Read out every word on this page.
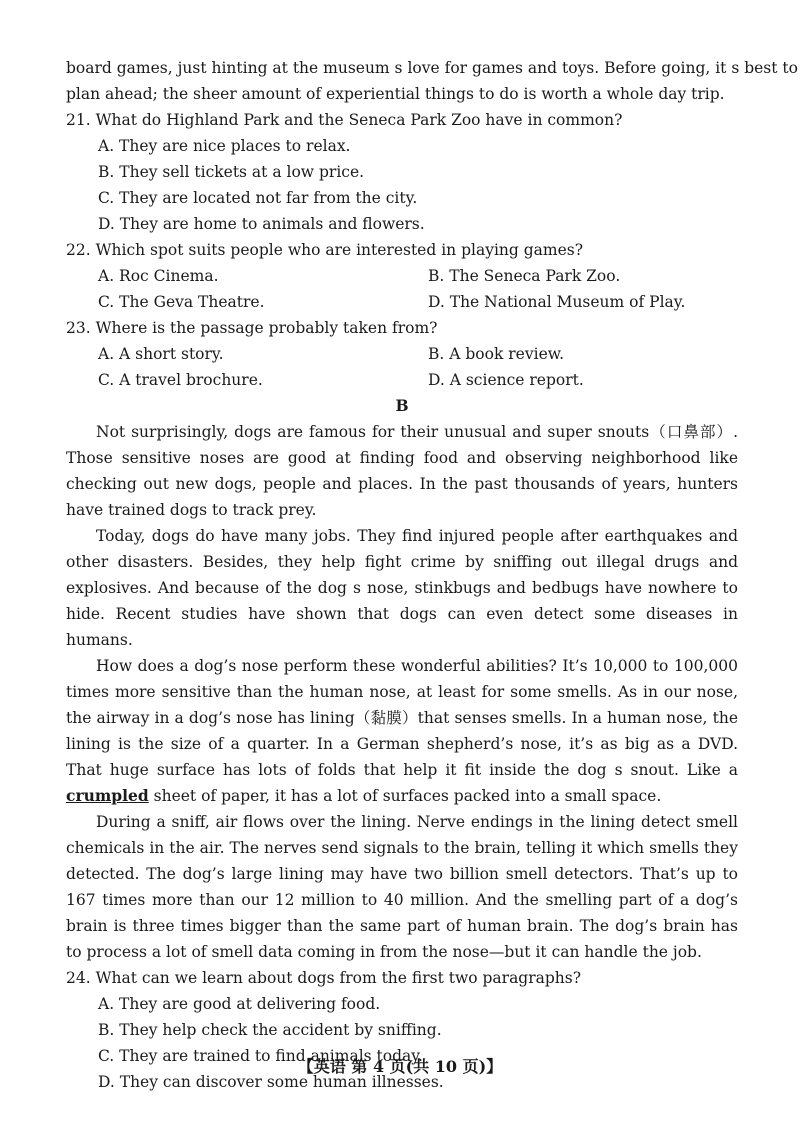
board games, just hinting at the museum s love for games and toys. Before going, it s best to
plan ahead; the sheer amount of experiential things to do is worth a whole day trip.
21. What do Highland Park and the Seneca Park Zoo have in common?
A. They are nice places to relax.
B. They sell tickets at a low price.
C. They are located not far from the city.
D. They are home to animals and flowers.
22. Which spot suits people who are interested in playing games?
A. Roc Cinema.	B. The Seneca Park Zoo.
C. The Geva Theatre.	D. The National Museum of Play.
23. Where is the passage probably taken from?
A. A short story.	B. A book review.
C. A travel brochure.	D. A science report.
B

Not surprisingly, dogs are famous for their unusual and super snouts（口鼻部）. Those sensitive noses are good at finding food and observing neighborhood like checking out new dogs, people and places. In the past thousands of years, hunters have trained dogs to track prey.

Today, dogs do have many jobs. They find injured people after earthquakes and other disasters. Besides, they help fight crime by sniffing out illegal drugs and explosives. And because of the dog s nose, stinkbugs and bedbugs have nowhere to hide. Recent studies have shown that dogs can even detect some diseases in humans.

How does a dog’s nose perform these wonderful abilities? It’s 10,000 to 100,000 times more sensitive than the human nose, at least for some smells. As in our nose, the airway in a dog’s nose has lining（黏膜）that senses smells. In a human nose, the lining is the size of a quarter. In a German shepherd’s nose, it’s as big as a DVD. That huge surface has lots of folds that help it fit inside the dog s snout. Like a crumpled sheet of paper, it has a lot of surfaces packed into a small space.

During a sniff, air flows over the lining. Nerve endings in the lining detect smell chemicals in the air. The nerves send signals to the brain, telling it which smells they detected. The dog’s large lining may have two billion smell detectors. That’s up to 167 times more than our 12 million to 40 million. And the smelling part of a dog’s brain is three times bigger than the same part of human brain. The dog’s brain has to process a lot of smell data coming in from the nose—but it can handle the job.

24. What can we learn about dogs from the first two paragraphs?
A. They are good at delivering food.
B. They help check the accident by sniffing.
C. They are trained to find animals today.
D. They can discover some human illnesses.
【英语 第 4 页(共 10 页)】
